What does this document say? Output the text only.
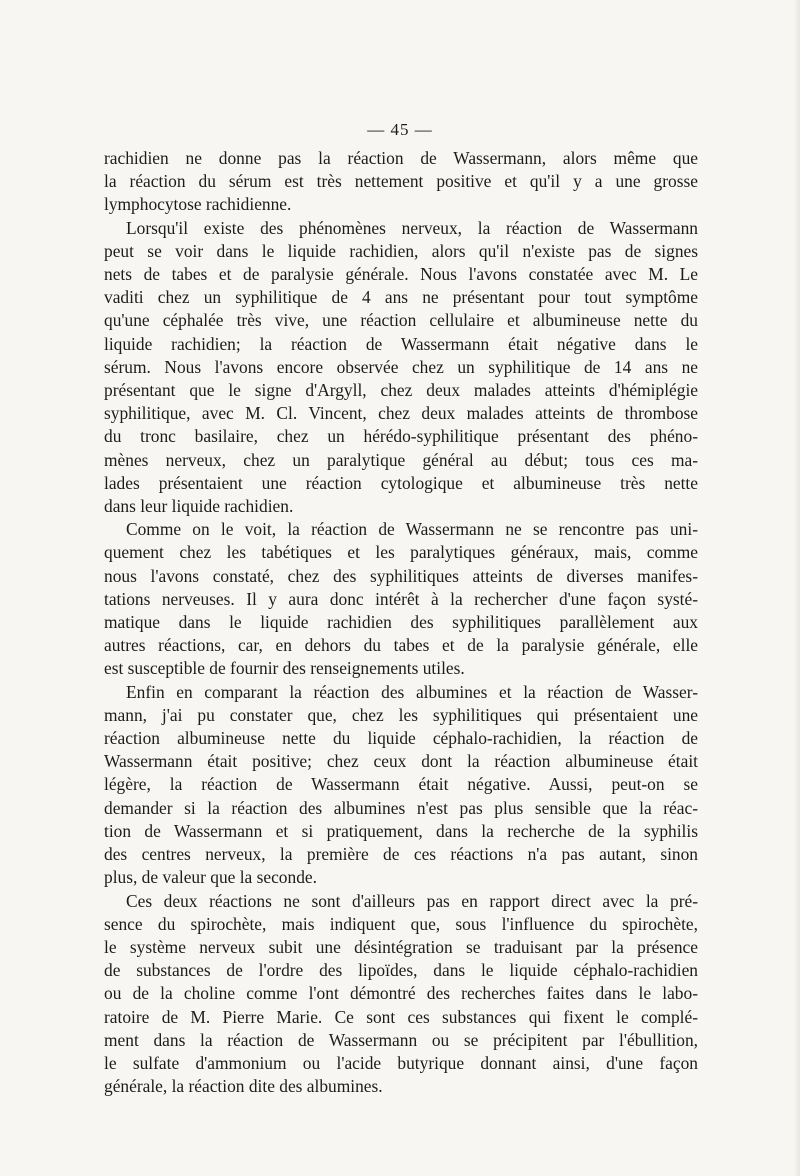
— 45 —

rachidien ne donne pas la réaction de Wassermann, alors même que
la réaction du sérum est très nettement positive et qu'il y a une grosse
lymphocytose rachidienne.

Lorsqu'il existe des phénomènes nerveux, la réaction de Wassermann
peut se voir dans le liquide rachidien, alors qu'il n'existe pas de signes
nets de tabes et de paralysie générale. Nous l'avons constatée avec M. Le
vaditi chez un syphilitique de 4 ans ne présentant pour tout symptôme
qu'une céphalée très vive, une réaction cellulaire et albumineuse nette du
liquide rachidien; la réaction de Wassermann était négative dans le
sérum. Nous l'avons encore observée chez un syphilitique de 14 ans ne
présentant que le signe d'Argyll, chez deux malades atteints d'hémiplégie
syphilitique, avec M. Cl. Vincent, chez deux malades atteints de thrombose
du tronc basilaire, chez un hérédo-syphilitique présentant des phéno-
mènes nerveux, chez un paralytique général au début; tous ces ma-
lades présentaient une réaction cytologique et albumineuse très nette
dans leur liquide rachidien.

Comme on le voit, la réaction de Wassermann ne se rencontre pas uni-
quement chez les tabétiques et les paralytiques généraux, mais, comme
nous l'avons constaté, chez des syphilitiques atteints de diverses manifes-
tations nerveuses. Il y aura donc intérêt à la rechercher d'une façon systé-
matique dans le liquide rachidien des syphilitiques parallèlement aux
autres réactions, car, en dehors du tabes et de la paralysie générale, elle
est susceptible de fournir des renseignements utiles.

Enfin en comparant la réaction des albumines et la réaction de Wasser-
mann, j'ai pu constater que, chez les syphilitiques qui présentaient une
réaction albumineuse nette du liquide céphalo-rachidien, la réaction de
Wassermann était positive; chez ceux dont la réaction albumineuse était
légère, la réaction de Wassermann était négative. Aussi, peut-on se
demander si la réaction des albumines n'est pas plus sensible que la réac-
tion de Wassermann et si pratiquement, dans la recherche de la syphilis
des centres nerveux, la première de ces réactions n'a pas autant, sinon
plus, de valeur que la seconde.

Ces deux réactions ne sont d'ailleurs pas en rapport direct avec la pré-
sence du spirochète, mais indiquent que, sous l'influence du spirochète,
le système nerveux subit une désintégration se traduisant par la présence
de substances de l'ordre des lipoïdes, dans le liquide céphalo-rachidien
ou de la choline comme l'ont démontré des recherches faites dans le labo-
ratoire de M. Pierre Marie. Ce sont ces substances qui fixent le complé-
ment dans la réaction de Wassermann ou se précipitent par l'ébullition,
le sulfate d'ammonium ou l'acide butyrique donnant ainsi, d'une façon
générale, la réaction dite des albumines.
